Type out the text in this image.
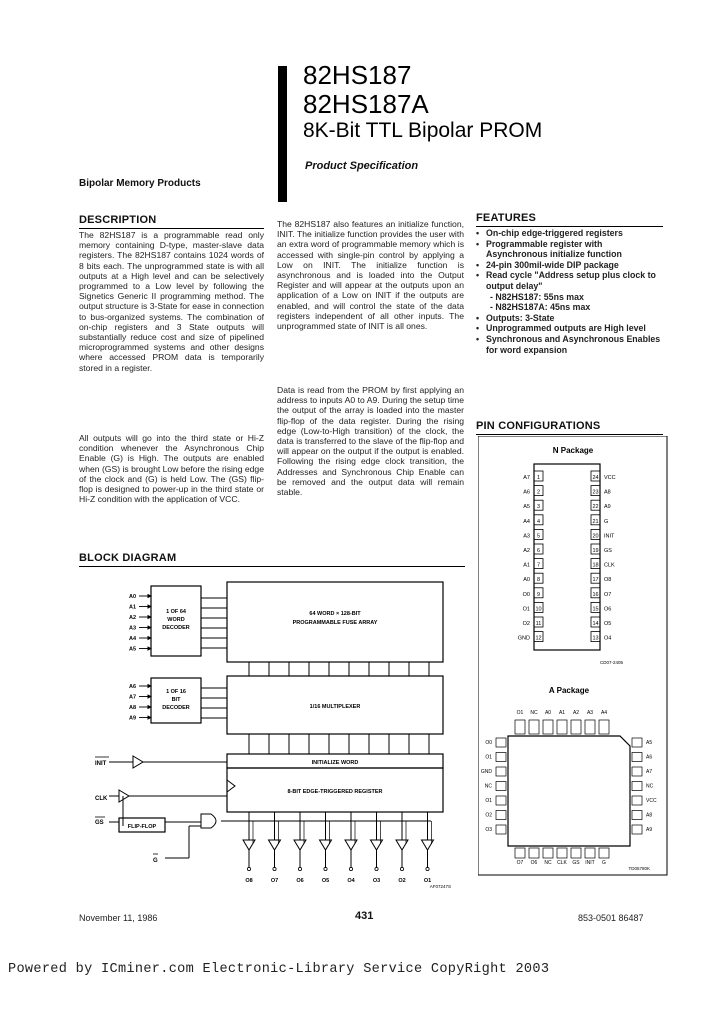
82HS187
82HS187A
8K-Bit TTL Bipolar PROM
Product Specification
Bipolar Memory Products
DESCRIPTION
The 82HS187 is a programmable read only memory containing D-type, master-slave data registers. The 82HS187 contains 1024 words of 8 bits each. The unprogrammed state is with all outputs at a High level and can be selectively programmed to a Low level by following the Signetics Generic II programming method. The output structure is 3-State for ease in connection to bus-organized systems. The combination of on-chip registers and 3 State outputs will substantially reduce cost and size of pipelined microprogrammed systems and other designs where accessed PROM data is temporarily stored in a register.
All outputs will go into the third state or Hi-Z condition whenever the Asynchronous Chip Enable (G) is High. The outputs are enabled when (GS) is brought Low before the rising edge of the clock and (G) is held Low. The (GS) flip-flop is designed to power-up in the third state or Hi-Z condition with the application of VCC.
The 82HS187 also features an initialize function, INIT. The initialize function provides the user with an extra word of programmable memory which is accessed with single-pin control by applying a Low on INIT. The initialize function is asynchronous and is loaded into the Output Register and will appear at the outputs upon an application of a Low on INIT if the outputs are enabled, and will control the state of the data registers independent of all other inputs. The unprogrammed state of INIT is all ones.
Data is read from the PROM by first applying an address to inputs A0 to A9. During the setup time the output of the array is loaded into the master flip-flop of the data register. During the rising edge (Low-to-High transition) of the clock, the data is transferred to the slave of the flip-flop and will appear on the output if the output is enabled. Following the rising edge clock transition, the Addresses and Synchronous Chip Enable can be removed and the output data will remain stable.
FEATURES
• On-chip edge-triggered registers
• Programmable register with Asynchronous initialize function
• 24-pin 300mil-wide DIP package
• Read cycle "Address setup plus clock to output delay"
- N82HS187: 55ns max
- N82HS187A: 45ns max
• Outputs: 3-State
• Unprogrammed outputs are High level
• Synchronous and Asynchronous Enables for word expansion
PIN CONFIGURATIONS
N Package
1
A7	24 VCC
2
A6	23 A8
3
A5	22 A9
4
A4	21 G
5
A3	20 INIT
6
A2	19 GS
7
A1	18 CLK
8
A0	17 O8
9
O0	16 O7
10
O1	15 O6
11
O2	14 O5
12
GND	13 O4
CD07-2405
A Package
O1
O7
O0	A5
NC
O6
O1	A6
A0
NC
GND	A7
A1
CLK
NC	NC
A2
GS
O1	VCC
A3
INIT
O2	A8
A4
G
O3	A9
TD05780K
BLOCK DIAGRAM
1 OF 64
WORD
DECODER
1 OF 16
BIT
DECODER
64 WORD × 128-BIT
PROGRAMMABLE FUSE ARRAY
1/16 MULTIPLEXER
INITIALIZE WORD
8-BIT EDGE-TRIGGERED REGISTER
INIT
CLK
GS
FLIP-FLOP
G
A0
A1
A2
A3
A4
A5
A6
A7
A8
A9
O8	O7	O6	O5	O4	O3	O2	O1
AF07247S
November 11, 1986	431	853-0501 86487
Powered by ICminer.com Electronic-Library Service CopyRight 2003
